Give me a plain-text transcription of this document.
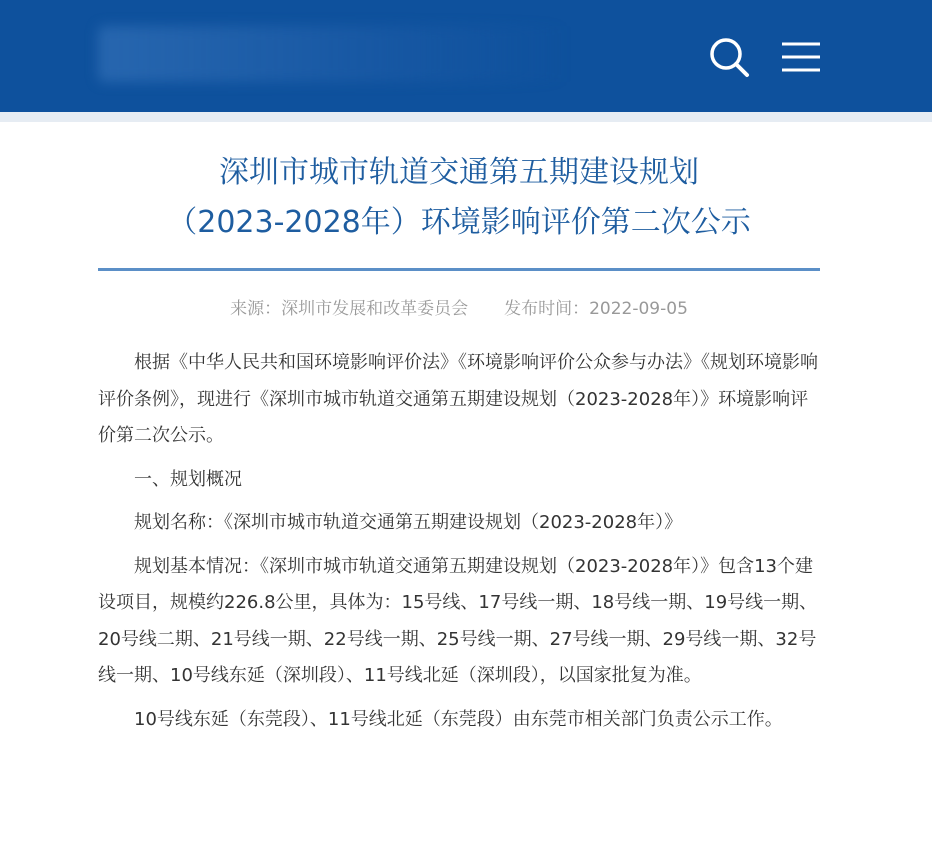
深圳市城市轨道交通第五期建设规划
（2023-2028年）环境影响评价第二次公示
来源：深圳市发展和改革委员会 发布时间：2022-09-05

根据《中华人民共和国环境影响评价法》《环境影响评价公众参与办法》《规划环境影响评价条例》，现进行《深圳市城市轨道交通第五期建设规划（2023-2028年）》环境影响评价第二次公示。

一、规划概况

规划名称：《深圳市城市轨道交通第五期建设规划（2023-2028年）》

规划基本情况：《深圳市城市轨道交通第五期建设规划（2023-2028年）》包含13个建设项目，规模约226.8公里，具体为：15号线、17号线一期、18号线一期、19号线一期、20号线二期、21号线一期、22号线一期、25号线一期、27号线一期、29号线一期、32号线一期、10号线东延（深圳段）、11号线北延（深圳段），以国家批复为准。

10号线东延（东莞段）、11号线北延（东莞段）由东莞市相关部门负责公示工作。
